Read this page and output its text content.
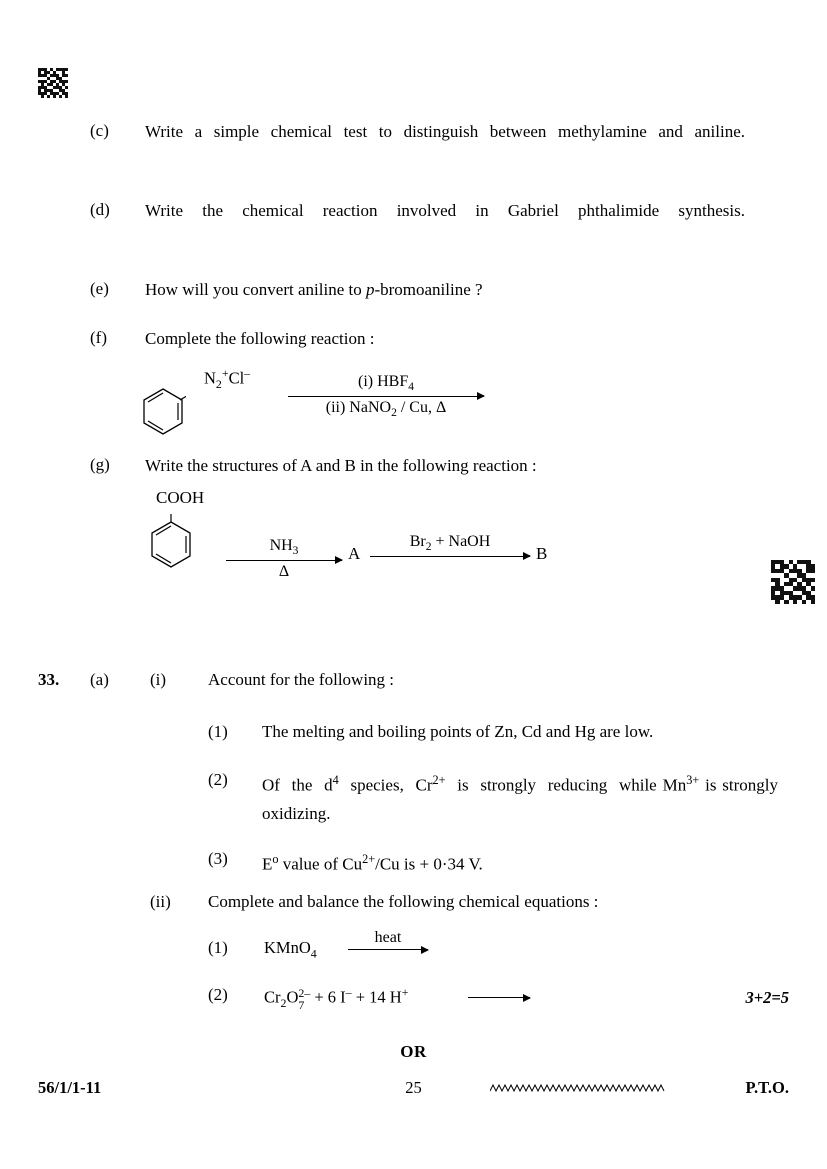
(c)	Write a simple chemical test to distinguish between methylamine and aniline.
(d)	Write the chemical reaction involved in Gabriel phthalimide synthesis.
(e)	How will you convert aniline to p-bromoaniline ?
(f)	Complete the following reaction :
$N_2^+Cl^-$	(i) $HBF_4$
(ii) NaNO$_2$ / Cu, Δ
(g)	Write the structures of A and B in the following reaction :
COOH
$NH_3$
Δ
A
$Br_2$ + NaOH
B
33. (a) (i) Account for the following :
(1)	The melting and boiling points of Zn, Cd and Hg are low.
(2)	Of  the  $d^4$  species,  $Cr^{2+}$  is  strongly  reducing  while $Mn^{3+}$ is strongly oxidizing.
(3)	$E^o$ value of $Cu^{2+}/Cu$ is + 0·34 V.
(ii) Complete and balance the following chemical equations :
(1) KMnO$_4$
heat
(2) $Cr_2O$ 2–
7 + 6 I– + 14 H+	3+2=5
OR
56/1/1-11	25	P.T.O.
